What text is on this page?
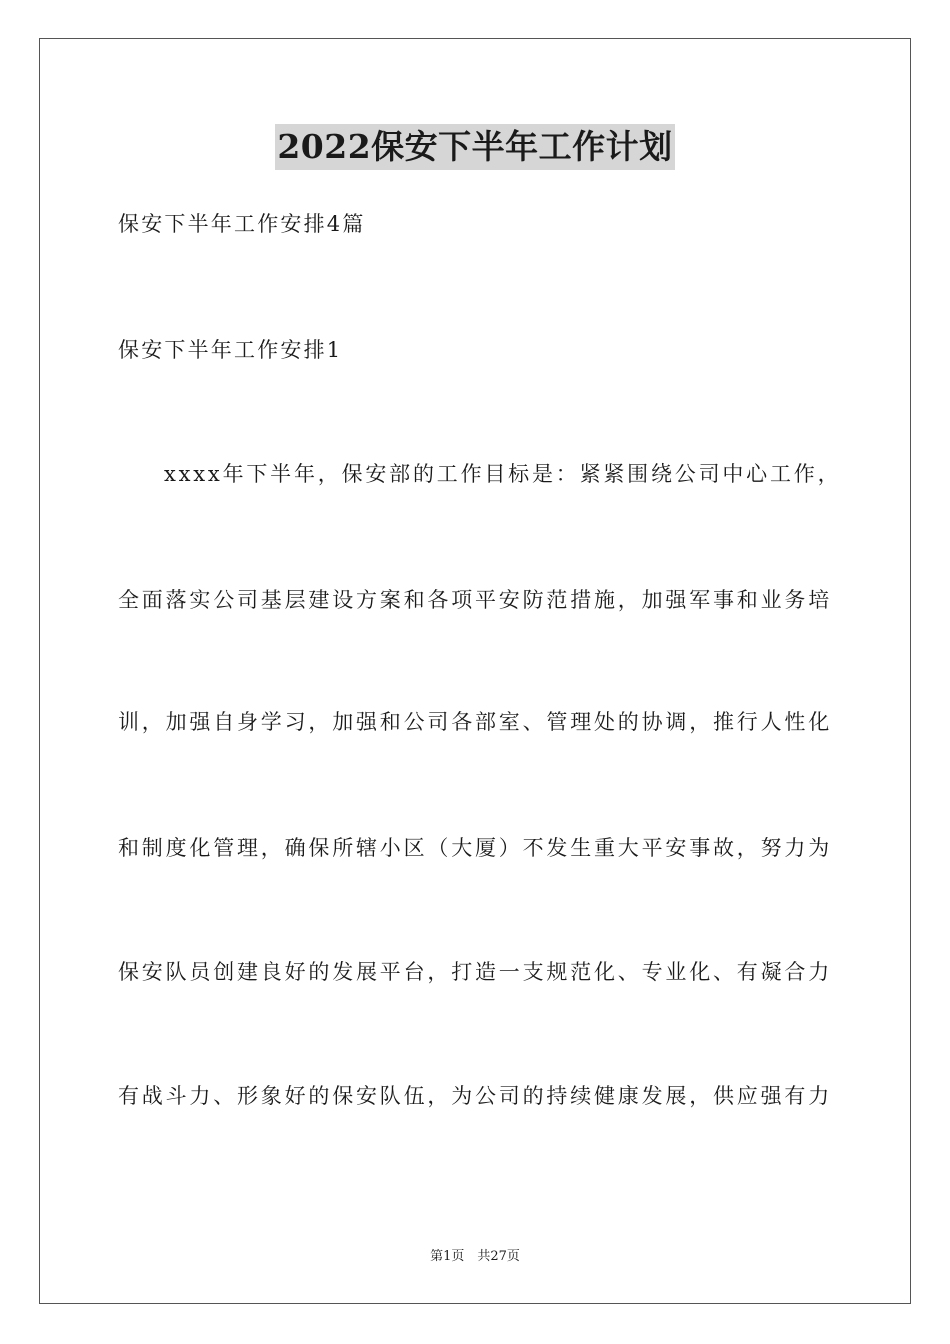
2022保安下半年工作计划
保安下半年工作安排4篇
保安下半年工作安排1
xxxx年下半年，保安部的工作目标是：紧紧围绕公司中心工作，
全面落实公司基层建设方案和各项平安防范措施，加强军事和业务培
训，加强自身学习，加强和公司各部室、管理处的协调，推行人性化
和制度化管理，确保所辖小区（大厦）不发生重大平安事故，努力为
保安队员创建良好的发展平台，打造一支规范化、专业化、有凝合力
有战斗力、形象好的保安队伍，为公司的持续健康发展，供应强有力
第1页　共27页
